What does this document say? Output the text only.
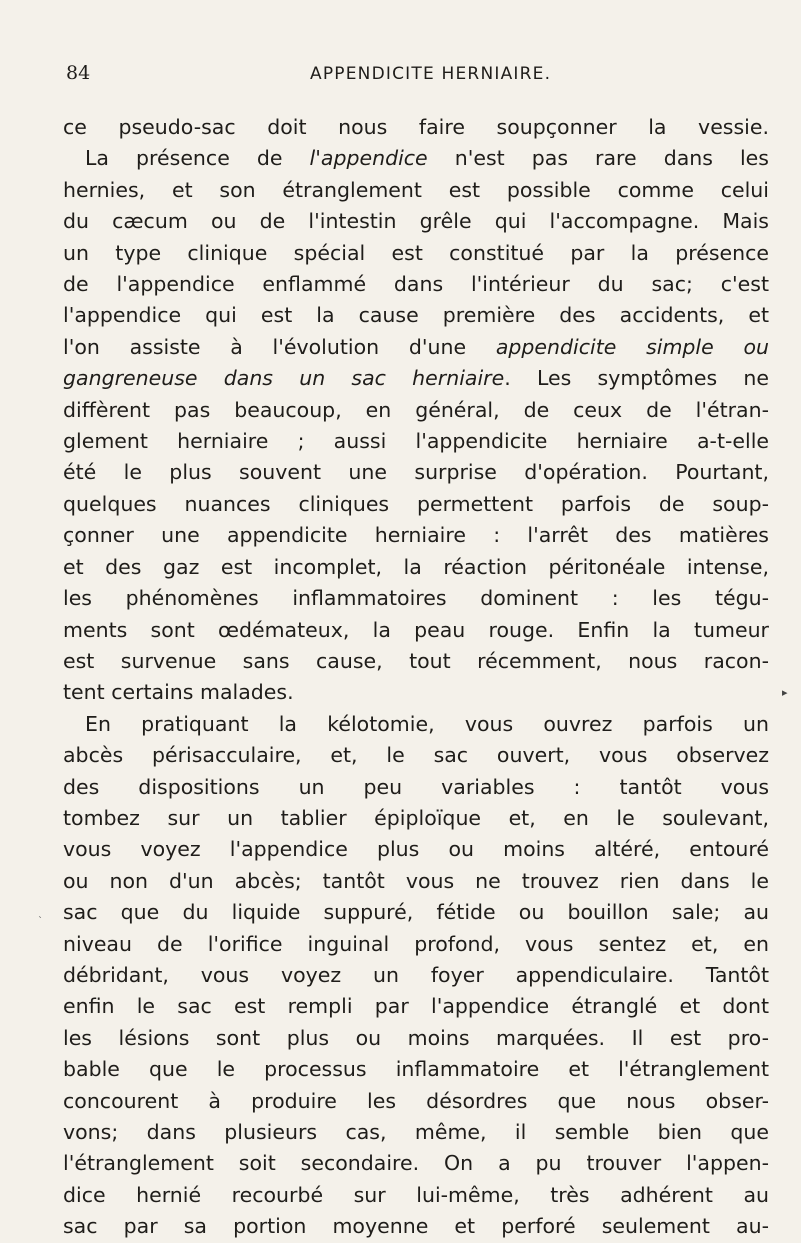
84	APPENDICITE HERNIAIRE.
ce pseudo-sac doit nous faire soupçonner la vessie.
La présence de l'appendice n'est pas rare dans les
hernies, et son étranglement est possible comme celui
du cæcum ou de l'intestin grêle qui l'accompagne. Mais
un type clinique spécial est constitué par la présence
de l'appendice enflammé dans l'intérieur du sac; c'est
l'appendice qui est la cause première des accidents, et
l'on assiste à l'évolution d'une appendicite simple ou
gangreneuse dans un sac herniaire. Les symptômes ne
diffèrent pas beaucoup, en général, de ceux de l'étran-
glement herniaire ; aussi l'appendicite herniaire a-t-elle
été le plus souvent une surprise d'opération. Pourtant,
quelques nuances cliniques permettent parfois de soup-
çonner une appendicite herniaire : l'arrêt des matières
et des gaz est incomplet, la réaction péritonéale intense,
les phénomènes inflammatoires dominent : les tégu-
ments sont œdémateux, la peau rouge. Enfin la tumeur
est survenue sans cause, tout récemment, nous racon-
tent certains malades.
En pratiquant la kélotomie, vous ouvrez parfois un
abcès périsacculaire, et, le sac ouvert, vous observez
des dispositions un peu variables : tantôt vous
tombez sur un tablier épiploïque et, en le soulevant,
vous voyez l'appendice plus ou moins altéré, entouré
ou non d'un abcès; tantôt vous ne trouvez rien dans le
sac que du liquide suppuré, fétide ou bouillon sale; au
niveau de l'orifice inguinal profond, vous sentez et, en
débridant, vous voyez un foyer appendiculaire. Tantôt
enfin le sac est rempli par l'appendice étranglé et dont
les lésions sont plus ou moins marquées. Il est pro-
bable que le processus inflammatoire et l'étranglement
concourent à produire les désordres que nous obser-
vons; dans plusieurs cas, même, il semble bien que
l'étranglement soit secondaire. On a pu trouver l'appen-
dice hernié recourbé sur lui-même, très adhérent au
sac par sa portion moyenne et perforé seulement au-
▸
ˋ
